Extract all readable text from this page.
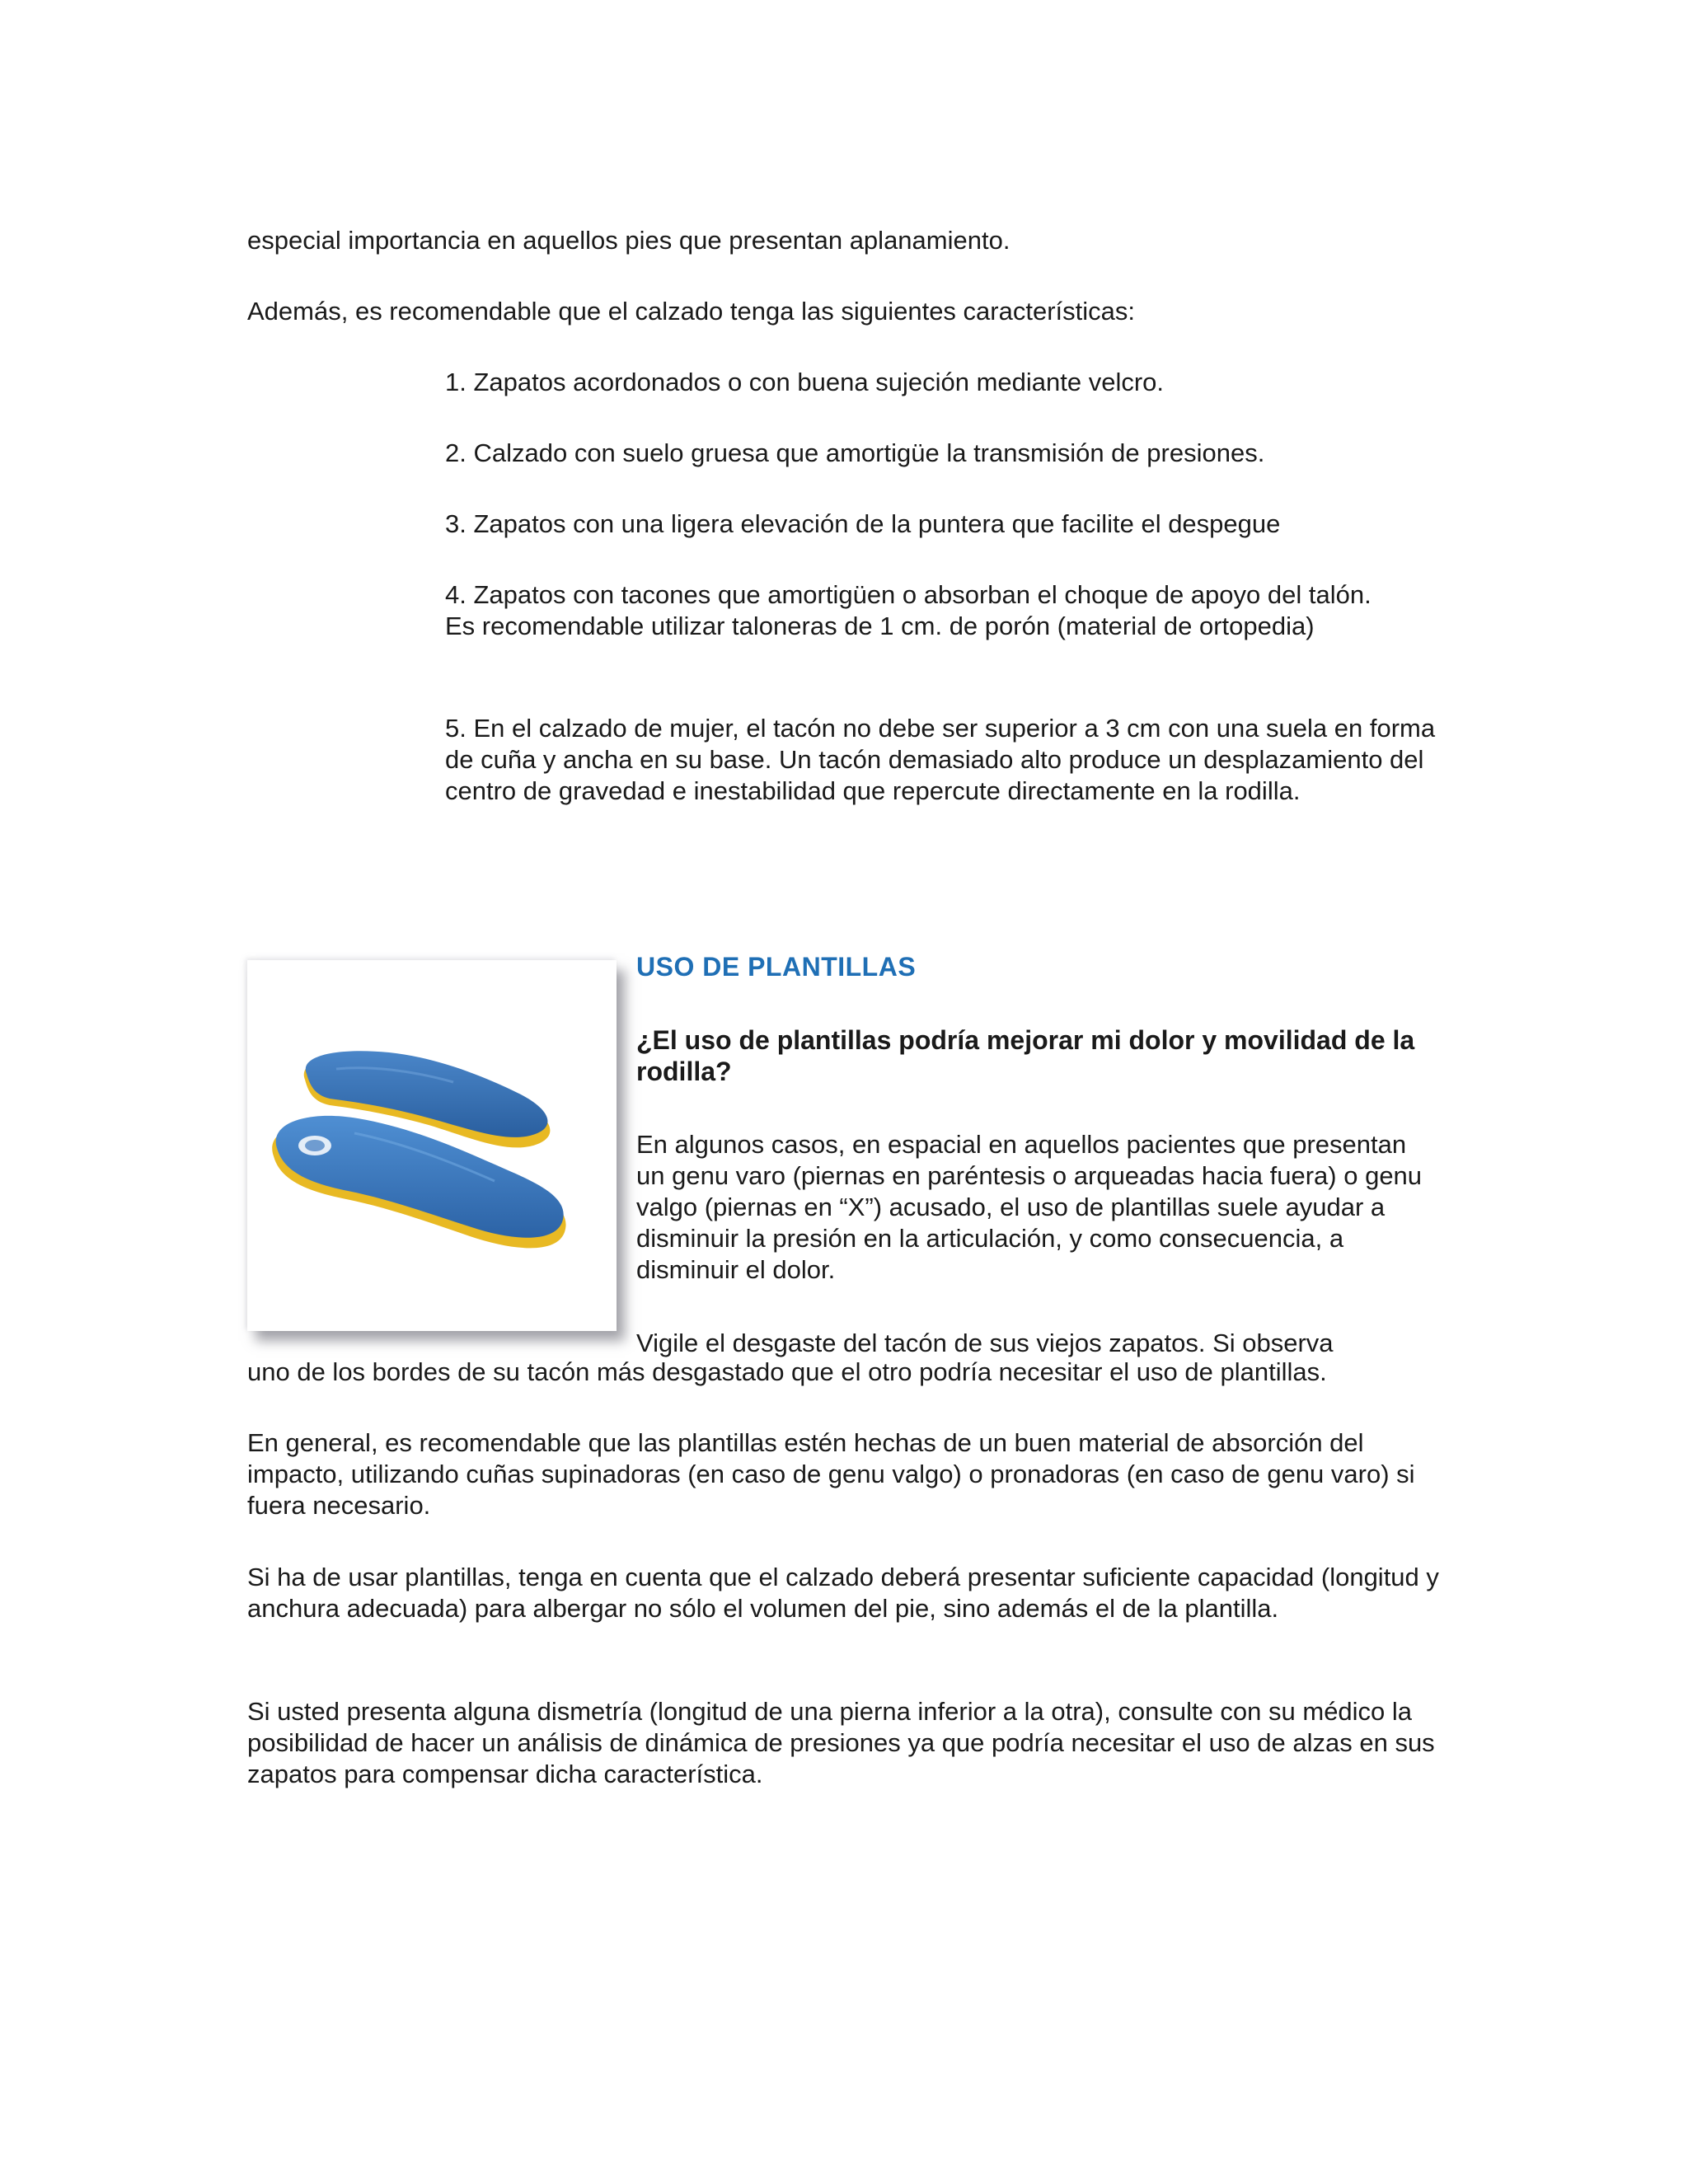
especial importancia en aquellos pies que presentan aplanamiento.

Además, es recomendable que el calzado tenga las siguientes características:

1. Zapatos acordonados o con buena sujeción mediante velcro.

2. Calzado con suelo gruesa que amortigüe la transmisión de presiones.

3. Zapatos con una ligera elevación de la puntera que facilite el despegue

4. Zapatos con tacones que amortigüen o absorban el choque de apoyo del talón. Es recomendable utilizar taloneras de 1 cm. de porón (material de ortopedia)

5. En el calzado de mujer, el tacón no debe ser superior a 3 cm con una suela en forma de cuña y ancha en su base. Un tacón demasiado alto produce un desplazamiento del centro de gravedad e inestabilidad que repercute directamente en la rodilla.

USO DE PLANTILLAS

¿El uso de plantillas podría mejorar mi dolor y movilidad de la rodilla?

En algunos casos, en espacial en aquellos pacientes que presentan un genu varo (piernas en paréntesis o arqueadas hacia fuera) o genu valgo (piernas en “X”) acusado, el uso de plantillas suele ayudar a disminuir la presión en la articulación, y como consecuencia, a disminuir el dolor.

Vigile el desgaste del tacón de sus viejos zapatos. Si observa

uno de los bordes de su tacón más desgastado que el otro podría necesitar el uso de plantillas.

En general, es recomendable que las plantillas estén hechas de un buen material de absorción del impacto, utilizando cuñas supinadoras (en caso de genu valgo) o pronadoras (en caso de genu varo) si fuera necesario.

Si ha de usar plantillas, tenga en cuenta que el calzado deberá presentar suficiente capacidad (longitud y anchura adecuada) para albergar no sólo el volumen del pie, sino además el de la plantilla.

Si usted presenta alguna dismetría (longitud de una pierna inferior a la otra), consulte con su médico la posibilidad de hacer un análisis de dinámica de presiones ya que podría necesitar el uso de alzas en sus zapatos para compensar dicha característica.
